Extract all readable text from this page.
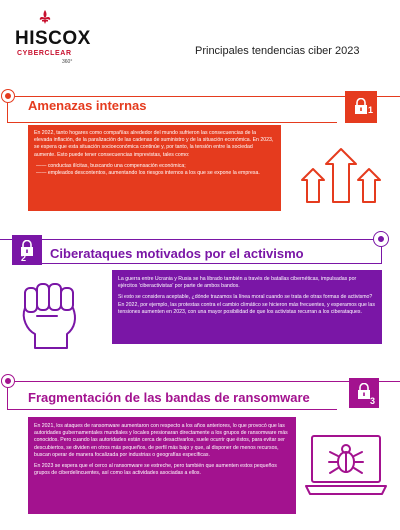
HISCOX
CYBERCLEAR
360°
Principales tendencias ciber 2023
Amenazas internas	1

En 2022, tanto hogares como compañías alrededor del mundo sufrieron las consecuencias de la elevada inflación, de la paralización de las cadenas de suministro y de la situación económica. En 2023, se espera que esta situación socioeconómica continúe y, por tanto, la tensión entre la sociedad aumente. Esto puede tener consecuencias imprevistas, tales como:

—— conductas ilícitas, buscando una compensación económica;
—— empleados descontentos, aumentando los riesgos internos a los que se expone la empresa.
2 Ciberataques motivados por el activismo

La guerra entre Ucrania y Rusia se ha librado también a través de batallas cibernéticas, impulsadas por ejércitos 'ciberactivistas' por parte de ambos bandos.

Si esto se considera aceptable, ¿dónde trazamos la línea moral cuando se trata de otras formas de activismo? En 2022, por ejemplo, las protestas contra el cambio climático se hicieron más frecuentes, y esperamos que las tensiones aumenten en 2023, con una mayor posibilidad de que los activistas recurran a los ciberataques.

Fragmentación de las bandas de ransomware	3

En 2021, los ataques de ransomware aumentaron con respecto a los años anteriores, lo que provocó que las autoridades gubernamentales mundiales y locales presionaran directamente a los grupos de ransomware más conocidos. Pero cuando las autoridades están cerca de desactivarlos, suele ocurrir que éstos, para evitar ser descubiertos, se dividen en otros más pequeños, de perfil más bajo y que, al disponer de menos recursos, buscan operar de manera focalizada por industrias o geografías específicas.

En 2023 se espera que el cerco al ransomware se estreche, pero también que aumenten estos pequeños grupos de ciberdelincuentes, así como las actividades asociadas a ellos.
